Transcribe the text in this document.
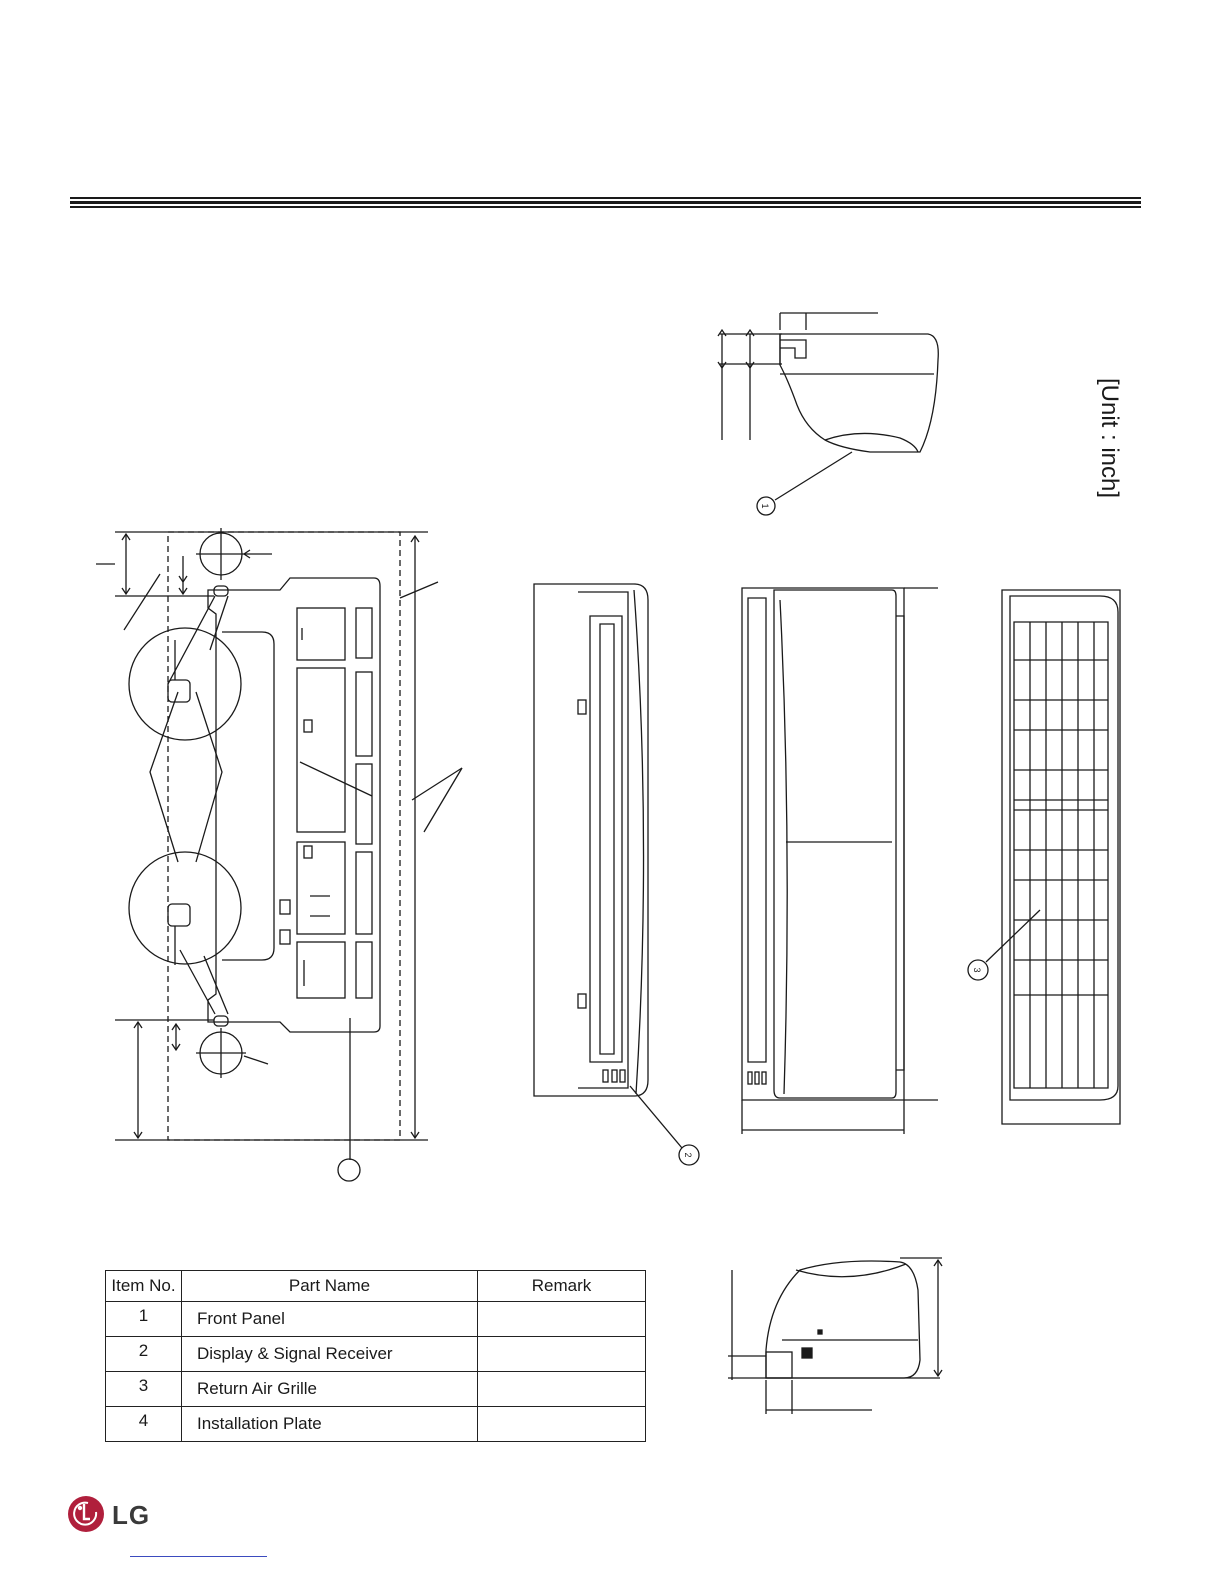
1
2
3
[Unit : inch]
Item No.	Part Name	Remark
1	Front Panel	
2	Display & Signal Receiver	
3	Return Air Grille	
4	Installation Plate	
LG
